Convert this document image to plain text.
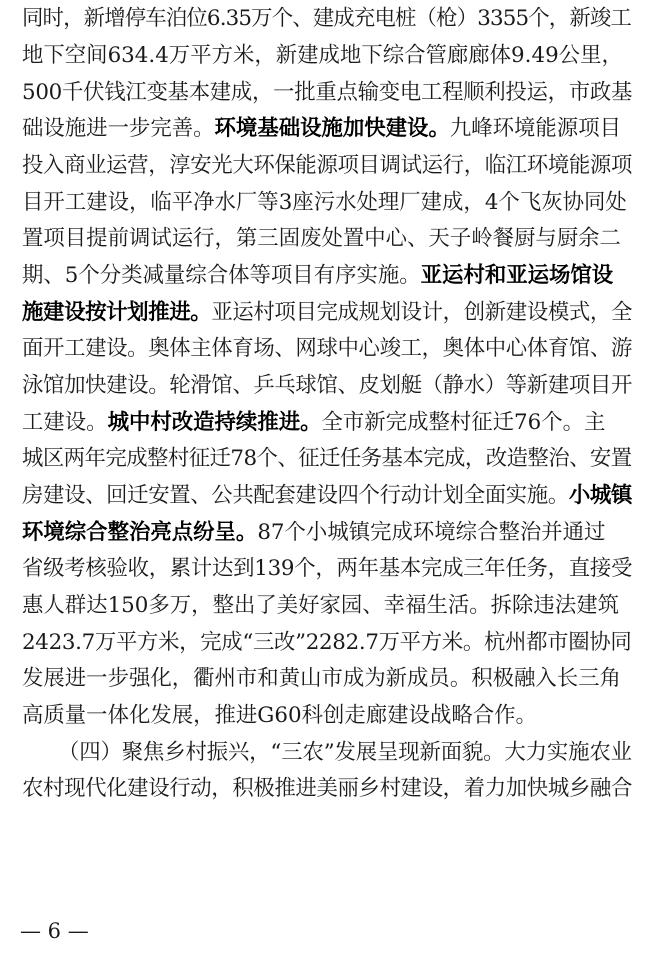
同时，新增停车泊位6.35万个、建成充电桩（枪）3355个，新竣工
地下空间634.4万平方米，新建成地下综合管廊廊体9.49公里，
500千伏钱江变基本建成，一批重点输变电工程顺利投运，市政基
础设施进一步完善。环境基础设施加快建设。九峰环境能源项目
投入商业运营，淳安光大环保能源项目调试运行，临江环境能源项
目开工建设，临平净水厂等3座污水处理厂建成，4个飞灰协同处
置项目提前调试运行，第三固废处置中心、天子岭餐厨与厨余二
期、5个分类减量综合体等项目有序实施。亚运村和亚运场馆设
施建设按计划推进。亚运村项目完成规划设计，创新建设模式，全
面开工建设。奥体主体育场、网球中心竣工，奥体中心体育馆、游
泳馆加快建设。轮滑馆、乒乓球馆、皮划艇（静水）等新建项目开
工建设。城中村改造持续推进。全市新完成整村征迁76个。主
城区两年完成整村征迁78个、征迁任务基本完成，改造整治、安置
房建设、回迁安置、公共配套建设四个行动计划全面实施。小城镇
环境综合整治亮点纷呈。87个小城镇完成环境综合整治并通过
省级考核验收，累计达到139个，两年基本完成三年任务，直接受
惠人群达150多万，整出了美好家园、幸福生活。拆除违法建筑
2423.7万平方米，完成“三改”2282.7万平方米。杭州都市圈协同
发展进一步强化，衢州市和黄山市成为新成员。积极融入长三角
高质量一体化发展，推进G60科创走廊建设战略合作。
（四）聚焦乡村振兴，“三农”发展呈现新面貌。大力实施农业
农村现代化建设行动，积极推进美丽乡村建设，着力加快城乡融合
— 6 —
